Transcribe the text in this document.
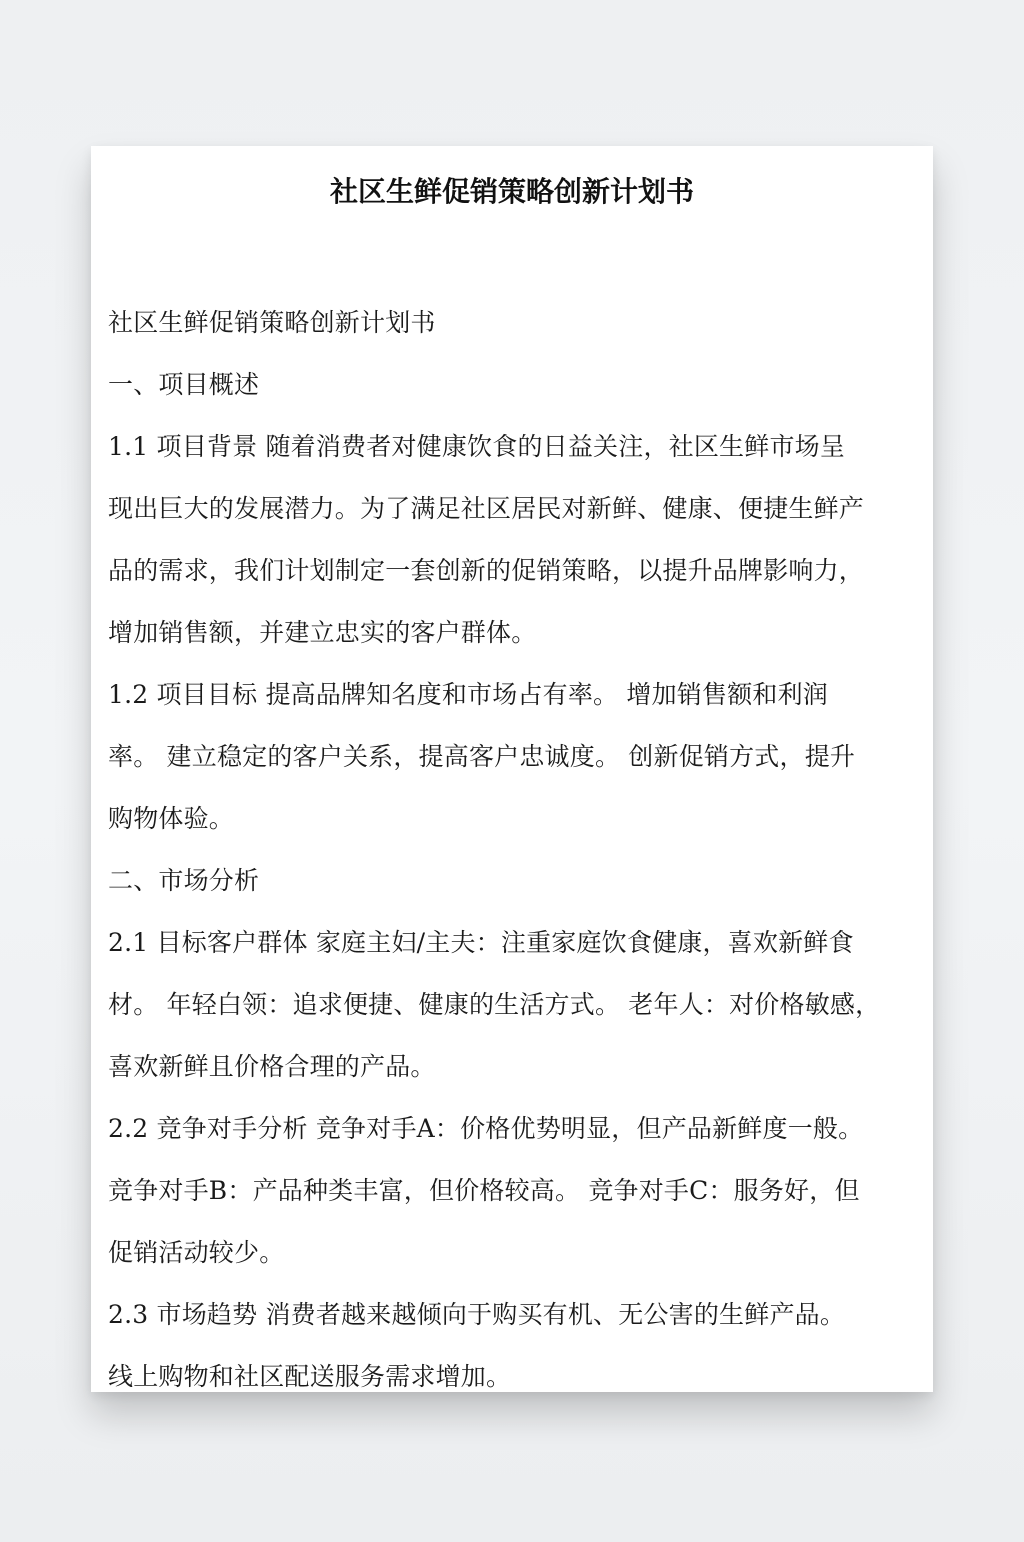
社区生鲜促销策略创新计划书
社区生鲜促销策略创新计划书
一、项目概述
1.1 项目背景 随着消费者对健康饮食的日益关注，社区生鲜市场呈
现出巨大的发展潜力。为了满足社区居民对新鲜、健康、便捷生鲜产
品的需求，我们计划制定一套创新的促销策略，以提升品牌影响力，
增加销售额，并建立忠实的客户群体。
1.2 项目目标 提高品牌知名度和市场占有率。 增加销售额和利润
率。 建立稳定的客户关系，提高客户忠诚度。 创新促销方式，提升
购物体验。
二、市场分析
2.1 目标客户群体 家庭主妇/主夫：注重家庭饮食健康，喜欢新鲜食
材。 年轻白领：追求便捷、健康的生活方式。 老年人：对价格敏感，
喜欢新鲜且价格合理的产品。
2.2 竞争对手分析 竞争对手A：价格优势明显，但产品新鲜度一般。
竞争对手B：产品种类丰富，但价格较高。 竞争对手C：服务好，但
促销活动较少。
2.3 市场趋势 消费者越来越倾向于购买有机、无公害的生鲜产品。
线上购物和社区配送服务需求增加。
